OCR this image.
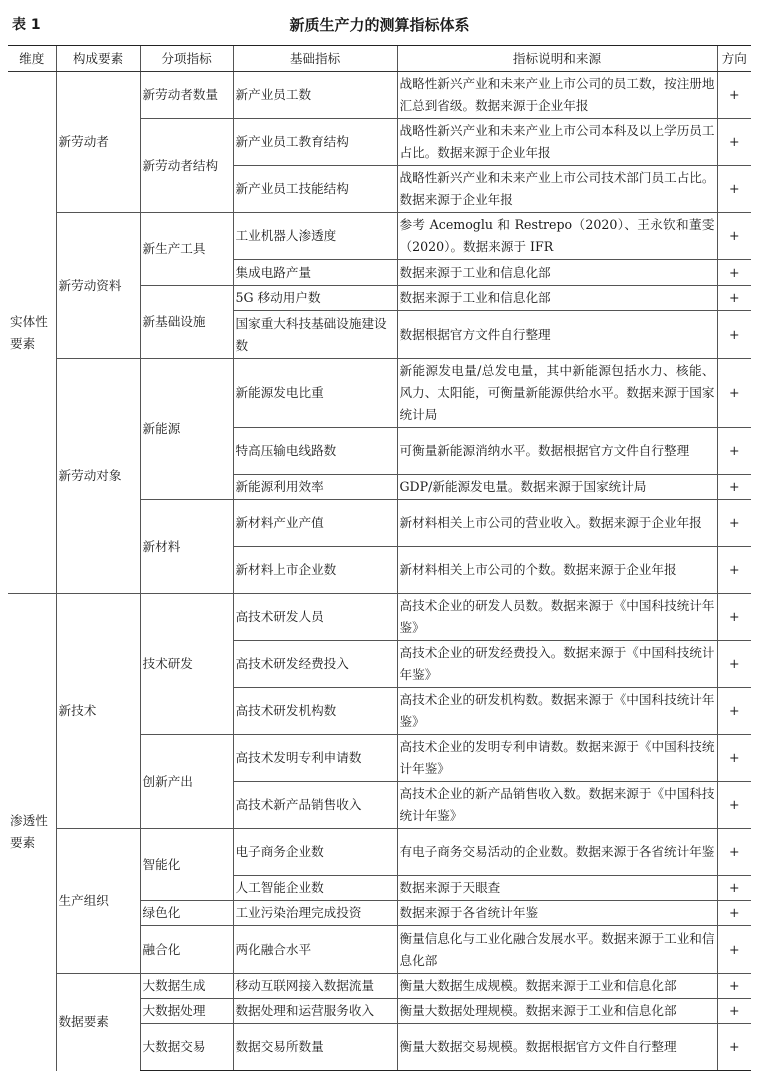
表 1	新质生产力的测算指标体系
维度	构成要素	分项指标	基础指标	指标说明和来源	方向
实体性要素	新劳动者	新劳动者数量	新产业员工数	战略性新兴产业和未来产业上市公司的员工数，按注册地汇总到省级。数据来源于企业年报	+
		新劳动者结构	新产业员工教育结构	战略性新兴产业和未来产业上市公司本科及以上学历员工占比。数据来源于企业年报	+
			新产业员工技能结构	战略性新兴产业和未来产业上市公司技术部门员工占比。数据来源于企业年报	+
	新劳动资料	新生产工具	工业机器人渗透度	参考 Acemoglu 和 Restrepo（2020）、王永钦和董雯（2020）。数据来源于 IFR	+
			集成电路产量	数据来源于工业和信息化部	+
		新基础设施	5G 移动用户数	数据来源于工业和信息化部	+
			国家重大科技基础设施建设数	数据根据官方文件自行整理	+
	新劳动对象	新能源	新能源发电比重	新能源发电量/总发电量，其中新能源包括水力、核能、风力、太阳能，可衡量新能源供给水平。数据来源于国家统计局	+
			特高压输电线路数	可衡量新能源消纳水平。数据根据官方文件自行整理	+
			新能源利用效率	GDP/新能源发电量。数据来源于国家统计局	+
		新材料	新材料产业产值	新材料相关上市公司的营业收入。数据来源于企业年报	+
			新材料上市企业数	新材料相关上市公司的个数。数据来源于企业年报	+
渗透性要素	新技术	技术研发	高技术研发人员	高技术企业的研发人员数。数据来源于《中国科技统计年鉴》	+
			高技术研发经费投入	高技术企业的研发经费投入。数据来源于《中国科技统计年鉴》	+
			高技术研发机构数	高技术企业的研发机构数。数据来源于《中国科技统计年鉴》	+
		创新产出	高技术发明专利申请数	高技术企业的发明专利申请数。数据来源于《中国科技统计年鉴》	+
			高技术新产品销售收入	高技术企业的新产品销售收入数。数据来源于《中国科技统计年鉴》	+
	生产组织	智能化	电子商务企业数	有电子商务交易活动的企业数。数据来源于各省统计年鉴	+
			人工智能企业数	数据来源于天眼查	+
		绿色化	工业污染治理完成投资	数据来源于各省统计年鉴	+
		融合化	两化融合水平	衡量信息化与工业化融合发展水平。数据来源于工业和信息化部	+
	数据要素	大数据生成	移动互联网接入数据流量	衡量大数据生成规模。数据来源于工业和信息化部	+
		大数据处理	数据处理和运营服务收入	衡量大数据处理规模。数据来源于工业和信息化部	+
		大数据交易	数据交易所数量	衡量大数据交易规模。数据根据官方文件自行整理	+
